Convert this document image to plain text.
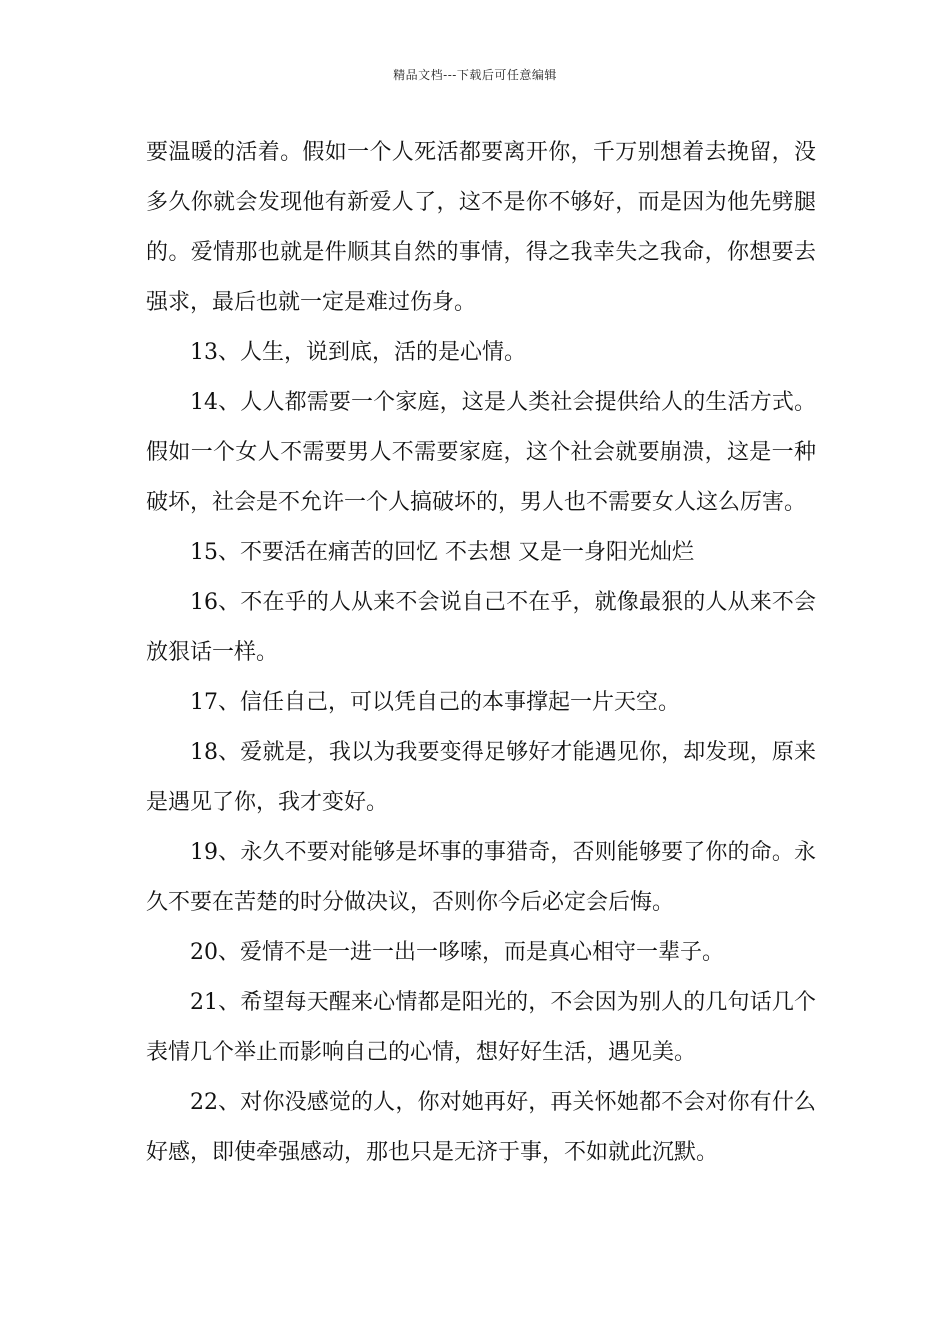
精品文档---下载后可任意编辑

要温暖的活着。假如一个人死活都要离开你，千万别想着去挽留，没多久你就会发现他有新爱人了，这不是你不够好，而是因为他先劈腿的。爱情那也就是件顺其自然的事情，得之我幸失之我命，你想要去强求，最后也就一定是难过伤身。

13、人生，说到底，活的是心情。

14、人人都需要一个家庭，这是人类社会提供给人的生活方式。假如一个女人不需要男人不需要家庭，这个社会就要崩溃，这是一种破坏，社会是不允许一个人搞破坏的，男人也不需要女人这么厉害。

15、不要活在痛苦的回忆 不去想 又是一身阳光灿烂

16、不在乎的人从来不会说自己不在乎，就像最狠的人从来不会放狠话一样。

17、信任自己，可以凭自己的本事撑起一片天空。

18、爱就是，我以为我要变得足够好才能遇见你，却发现，原来是遇见了你，我才变好。

19、永久不要对能够是坏事的事猎奇，否则能够要了你的命。永久不要在苦楚的时分做决议，否则你今后必定会后悔。

20、爱情不是一进一出一哆嗦，而是真心相守一辈子。

21、希望每天醒来心情都是阳光的，不会因为别人的几句话几个表情几个举止而影响自己的心情，想好好生活，遇见美。

22、对你没感觉的人，你对她再好，再关怀她都不会对你有什么好感，即使牵强感动，那也只是无济于事，不如就此沉默。
